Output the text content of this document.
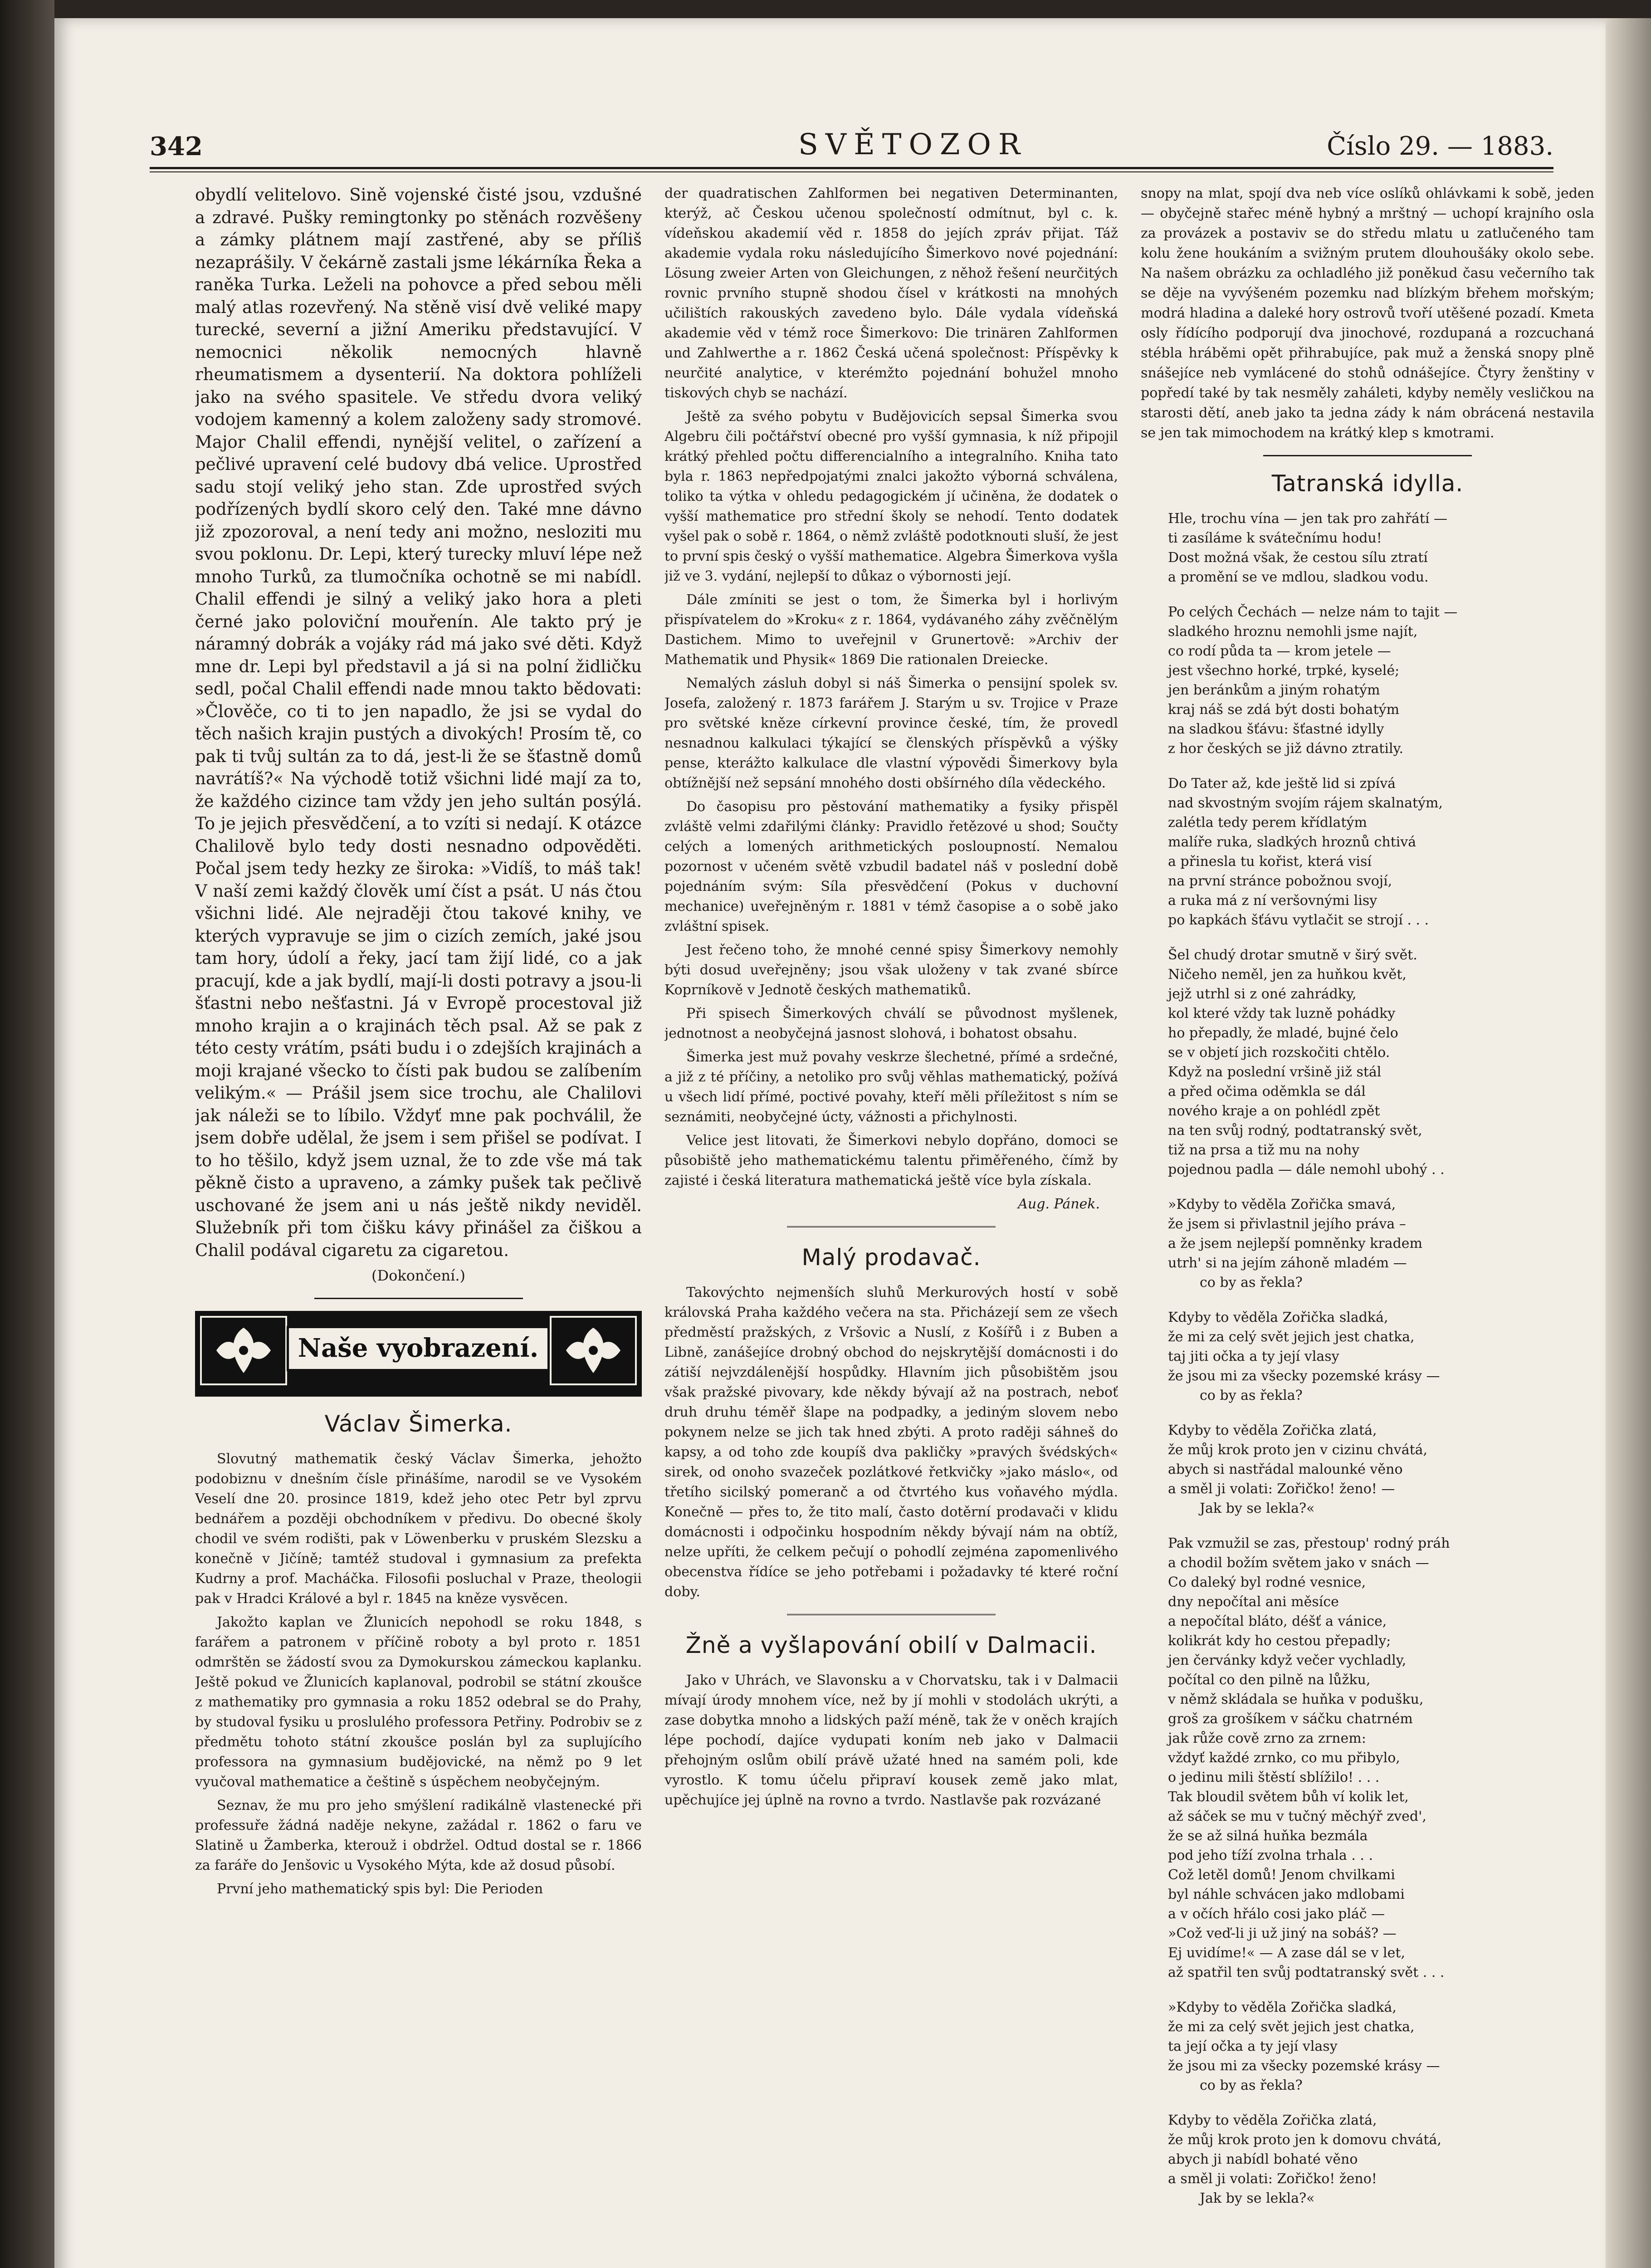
342	SVĚTOZOR	Číslo 29. — 1883.

obydlí velitelovo. Sině vojenské čisté jsou, vzdušné a zdravé. Pušky remingtonky po stěnách rozvěšeny a zámky plátnem mají zastřené, aby se příliš nezaprášily. V čekárně zastali jsme lékárníka Řeka a raněka Turka. Leželi na pohovce a před sebou měli malý atlas rozevřený. Na stěně visí dvě veliké mapy turecké, severní a jižní Ameriku představující. V nemocnici několik nemocných hlavně rheumatismem a dysenterií. Na doktora pohlíželi jako na svého spasitele. Ve středu dvora veliký vodojem kamenný a kolem založeny sady stromové. Major Chalil effendi, nynější velitel, o zařízení a pečlivé upravení celé budovy dbá velice. Uprostřed sadu stojí veliký jeho stan. Zde uprostřed svých podřízených bydlí skoro celý den. Také mne dávno již zpozoroval, a není tedy ani možno, nesloziti mu svou poklonu. Dr. Lepi, který turecky mluví lépe než mnoho Turků, za tlumočníka ochotně se mi nabídl. Chalil effendi je silný a veliký jako hora a pleti černé jako poloviční mouřenín. Ale takto prý je náramný dobrák a vojáky rád má jako své děti. Když mne dr. Lepi byl představil a já si na polní židličku sedl, počal Chalil effendi nade mnou takto bědovati: »Člověče, co ti to jen napadlo, že jsi se vydal do těch našich krajin pustých a divokých! Prosím tě, co pak ti tvůj sultán za to dá, jest-li že se šťastně domů navrátíš?« Na východě totiž všichni lidé mají za to, že každého cizince tam vždy jen jeho sultán posýlá. To je jejich přesvědčení, a to vzíti si nedají. K otázce Chalilově bylo tedy dosti nesnadno odpověděti. Počal jsem tedy hezky ze široka: »Vidíš, to máš tak! V naší zemi každý člověk umí číst a psát. U nás čtou všichni lidé. Ale nejraději čtou takové knihy, ve kterých vypravuje se jim o cizích zemích, jaké jsou tam hory, údolí a řeky, jací tam žijí lidé, co a jak pracují, kde a jak bydlí, mají-li dosti potravy a jsou-li šťastni nebo nešťastni. Já v Evropě procestoval již mnoho krajin a o krajinách těch psal. Až se pak z této cesty vrátím, psáti budu i o zdejších krajinách a moji krajané všecko to čísti pak budou se zalíbením velikým.« — Prášil jsem sice trochu, ale Chalilovi jak náleži se to líbilo. Vždyť mne pak pochválil, že jsem dobře udělal, že jsem i sem přišel se podívat. I to ho těšilo, když jsem uznal, že to zde vše má tak pěkně čisto a upraveno, a zámky pušek tak pečlivě uschované že jsem ani u nás ještě nikdy neviděl. Služebník při tom čišku kávy přinášel za čiškou a Chalil podával cigaretu za cigaretou.

(Dokončení.)
Naše vyobrazení.
Václav Šimerka.

Slovutný mathematik český Václav Šimerka, jehožto podobiznu v dnešním čísle přinášíme, narodil se ve Vysokém Veselí dne 20. prosince 1819, kdež jeho otec Petr byl zprvu bednářem a později obchodníkem v předivu. Do obecné školy chodil ve svém rodišti, pak v Löwenberku v pruském Slezsku a konečně v Jičíně; tamtéž studoval i gymnasium za prefekta Kudrny a prof. Macháčka. Filosofii posluchal v Praze, theologii pak v Hradci Králové a byl r. 1845 na kněze vysvěcen.

Jakožto kaplan ve Žlunicích nepohodl se roku 1848, s farářem a patronem v příčině roboty a byl proto r. 1851 odmrštěn se žádostí svou za Dymokurskou zámeckou kaplanku. Ještě pokud ve Žlunicích kaplanoval, podrobil se státní zkoušce z mathematiky pro gymnasia a roku 1852 odebral se do Prahy, by studoval fysiku u proslulého professora Petřiny. Podrobiv se z předmětu tohoto státní zkoušce poslán byl za suplujícího professora na gymnasium budějovické, na němž po 9 let vyučoval mathematice a češtině s úspěchem neobyčejným.

Seznav, že mu pro jeho smýšlení radikálně vlastenecké při professuře žádná naděje nekyne, zažádal r. 1862 o faru ve Slatině u Žamberka, kterouž i obdržel. Odtud dostal se r. 1866 za faráře do Jenšovic u Vysokého Mýta, kde až dosud působí.

První jeho mathematický spis byl: Die Perioden

der quadratischen Zahlformen bei negativen Determinanten, kterýž, ač Českou učenou společností odmítnut, byl c. k. vídeňskou akademií věd r. 1858 do jejích zpráv přijat. Táž akademie vydala roku následujícího Šimerkovo nové pojednání: Lösung zweier Arten von Gleichungen, z něhož řešení neurčitých rovnic prvního stupně shodou čísel v krátkosti na mnohých učilištích rakouských zavedeno bylo. Dále vydala vídeňská akademie věd v témž roce Šimerkovo: Die trinären Zahlformen und Zahlwerthe a r. 1862 Česká učená společnost: Příspěvky k neurčité analytice, v kterémžto pojednání bohužel mnoho tiskových chyb se nachází.

Ještě za svého pobytu v Budějovicích sepsal Šimerka svou Algebru čili počtářství obecné pro vyšší gymnasia, k níž připojil krátký přehled počtu differencialního a integralního. Kniha tato byla r. 1863 nepředpojatými znalci jakožto výborná schválena, toliko ta výtka v ohledu pedagogickém jí učiněna, že dodatek o vyšší mathematice pro střední školy se nehodí. Tento dodatek vyšel pak o sobě r. 1864, o němž zvláště podotknouti sluší, že jest to první spis český o vyšší mathematice. Algebra Šimerkova vyšla již ve 3. vydání, nejlepší to důkaz o výbornosti její.

Dále zmíniti se jest o tom, že Šimerka byl i horlivým přispívatelem do »Kroku« z r. 1864, vydávaného záhy zvěčnělým Dastichem. Mimo to uveřejnil v Grunertově: »Archiv der Mathematik und Physik« 1869 Die rationalen Dreiecke.

Nemalých zásluh dobyl si náš Šimerka o pensijní spolek sv. Josefa, založený r. 1873 farářem J. Starým u sv. Trojice v Praze pro světské kněze církevní province české, tím, že provedl nesnadnou kalkulaci týkající se členských příspěvků a výšky pense, kterážto kalkulace dle vlastní výpovědi Šimerkovy byla obtížnější než sepsání mnohého dosti obšírného díla vědeckého.

Do časopisu pro pěstování mathematiky a fysiky přispěl zvláště velmi zdařilými články: Pravidlo řetězové u shod; Součty celých a lomených arithmetických posloupností. Nemalou pozornost v učeném světě vzbudil badatel náš v poslední době pojednáním svým: Síla přesvědčení (Pokus v duchovní mechanice) uveřejněným r. 1881 v témž časopise a o sobě jako zvláštní spisek.

Jest řečeno toho, že mnohé cenné spisy Šimerkovy nemohly býti dosud uveřejněny; jsou však uloženy v tak zvané sbírce Koprníkově v Jednotě českých mathematiků.

Při spisech Šimerkových chválí se původnost myšlenek, jednotnost a neobyčejná jasnost slohová, i bohatost obsahu.

Šimerka jest muž povahy veskrze šlechetné, přímé a srdečné, a již z té příčiny, a netoliko pro svůj věhlas mathematický, požívá u všech lidí přímé, poctivé povahy, kteří měli příležitost s ním se seznámiti, neobyčejné úcty, vážnosti a přichylnosti.

Velice jest litovati, že Šimerkovi nebylo dopřáno, domoci se působiště jeho mathematickému talentu přiměřeného, čímž by zajisté i česká literatura mathematická ještě více byla získala.

Aug. Pánek.
Malý prodavač.

Takovýchto nejmenších sluhů Merkurových hostí v sobě královská Praha každého večera na sta. Přicházejí sem ze všech předměstí pražských, z Vršovic a Nuslí, z Košířů i z Buben a Libně, zanášejíce drobný obchod do nejskrytější domácnosti i do zátiší nejvzdálenější hospůdky. Hlavním jich působištěm jsou však pražské pivovary, kde někdy bývají až na postrach, neboť druh druhu téměř šlape na podpadky, a jediným slovem nebo pokynem nelze se jich tak hned zbýti. A proto raději sáhneš do kapsy, a od toho zde koupíš dva pakličky »pravých švédských« sirek, od onoho svazeček pozlátkové řetkvičky »jako máslo«, od třetího sicilský pomeranč a od čtvrtého kus voňavého mýdla. Konečně — přes to, že tito malí, často dotěrní prodavači v klidu domácnosti i odpočinku hospodním někdy bývají nám na obtíž, nelze upříti, že celkem pečují o pohodlí zejména zapomenlivého obecenstva řídíce se jeho potřebami i požadavky té které roční doby.

Žně a vyšlapování obilí v Dalmacii.

Jako v Uhrách, ve Slavonsku a v Chorvatsku, tak i v Dalmacii mívají úrody mnohem více, než by jí mohli v stodolách ukrýti, a zase dobytka mnoho a lidských paží méně, tak že v oněch krajích lépe pochodí, dajíce vydupati koním neb jako v Dalmacii přehojným oslům obilí právě užaté hned na samém poli, kde vyrostlo. K tomu účelu připraví kousek země jako mlat, upěchujíce jej úplně na rovno a tvrdo. Nastlavše pak rozvázané

snopy na mlat, spojí dva neb více oslíků ohlávkami k sobě, jeden — obyčejně stařec méně hybný a mrštný — uchopí krajního osla za provázek a postaviv se do středu mlatu u zatlučeného tam kolu žene houkáním a svižným prutem dlouhoušáky okolo sebe. Na našem obrázku za ochladlého již poněkud času večerního tak se děje na vyvýšeném pozemku nad blízkým břehem mořským; modrá hladina a daleké hory ostrovů tvoří utěšené pozadí. Kmeta osly řídícího podporují dva jinochové, rozdupaná a rozcuchaná stébla hráběmi opět přihrabujíce, pak muž a ženská snopy plně snášejíce neb vymlácené do stohů odnášejíce. Čtyry ženštiny v popředí také by tak nesměly zaháleti, kdyby neměly vesličkou na starosti dětí, aneb jako ta jedna zády k nám obrácená nestavila se jen tak mimochodem na krátký klep s kmotrami.

Tatranská idylla.
Hle, trochu vína — jen tak pro zahřátí —
ti zasíláme k svátečnímu hodu!
Dost možná však, že cestou sílu ztratí
a promění se ve mdlou, sladkou vodu.
Po celých Čechách — nelze nám to tajit —
sladkého hroznu nemohli jsme najít,
co rodí půda ta — krom jetele —
jest všechno horké, trpké, kyselé;
jen beránkům a jiným rohatým
kraj náš se zdá být dosti bohatým
na sladkou šťávu: šťastné idylly
z hor českých se již dávno ztratily.
Do Tater až, kde ještě lid si zpívá
nad skvostným svojím rájem skalnatým,
zalétla tedy perem křídlatým
malíře ruka, sladkých hroznů chtivá
a přinesla tu kořist, která visí
na první stránce pobožnou svojí,
a ruka má z ní veršovnými lisy
po kapkách šťávu vytlačit se strojí . . .
Šel chudý drotar smutně v širý svět.
Ničeho neměl, jen za huňkou květ,
jejž utrhl si z oné zahrádky,
kol které vždy tak luzně pohádky
ho přepadly, že mladé, bujné čelo
se v objetí jich rozskočiti chtělo.
Když na poslední vršině již stál
a před očima oděmkla se dál
nového kraje a on pohlédl zpět
na ten svůj rodný, podtatranský svět,
tiž na prsa a tiž mu na nohy
pojednou padla — dále nemohl ubohý . .
»Kdyby to věděla Zořička smavá,
že jsem si přivlastnil jejího práva –
a že jsem nejlepší pomněnky kradem
utrh' si na jejím záhoně mladém —
co by as řekla?
Kdyby to věděla Zořička sladká,
že mi za celý svět jejich jest chatka,
taj jiti očka a ty její vlasy
že jsou mi za všecky pozemské krásy —
co by as řekla?
Kdyby to věděla Zořička zlatá,
že můj krok proto jen v cizinu chvátá,
abych si nastřádal malounké věno
a směl ji volati: Zořičko! ženo! —
Jak by se lekla?«
Pak vzmužil se zas, přestoup' rodný práh
a chodil božím světem jako v snách —
Co daleký byl rodné vesnice,
dny nepočítal ani měsíce
a nepočítal bláto, déšť a vánice,
kolikrát kdy ho cestou přepadly;
jen červánky když večer vychladly,
počítal co den pilně na lůžku,
v němž skládala se huňka v podušku,
groš za grošíkem v sáčku chatrném
jak růže cově zrno za zrnem:
vždyť každé zrnko, co mu přibylo,
o jedinu mili štěstí sblížilo! . . .
Tak bloudil světem bůh ví kolik let,
až sáček se mu v tučný měchýř zved',
že se až silná huňka bezmála
pod jeho tíží zvolna trhala . . .
Což letěl domů! Jenom chvilkami
byl náhle schvácen jako mdlobami
a v očích hřálo cosi jako pláč —
»Což veď-li ji už jiný na sobáš? —
Ej uvidíme!« — A zase dál se v let,
až spatřil ten svůj podtatranský svět . . .
»Kdyby to věděla Zořička sladká,
že mi za celý svět jejich jest chatka,
ta její očka a ty její vlasy
že jsou mi za všecky pozemské krásy —
co by as řekla?
Kdyby to věděla Zořička zlatá,
že můj krok proto jen k domovu chvátá,
abych ji nabídl bohaté věno
a směl ji volati: Zořičko! ženo!
Jak by se lekla?«
